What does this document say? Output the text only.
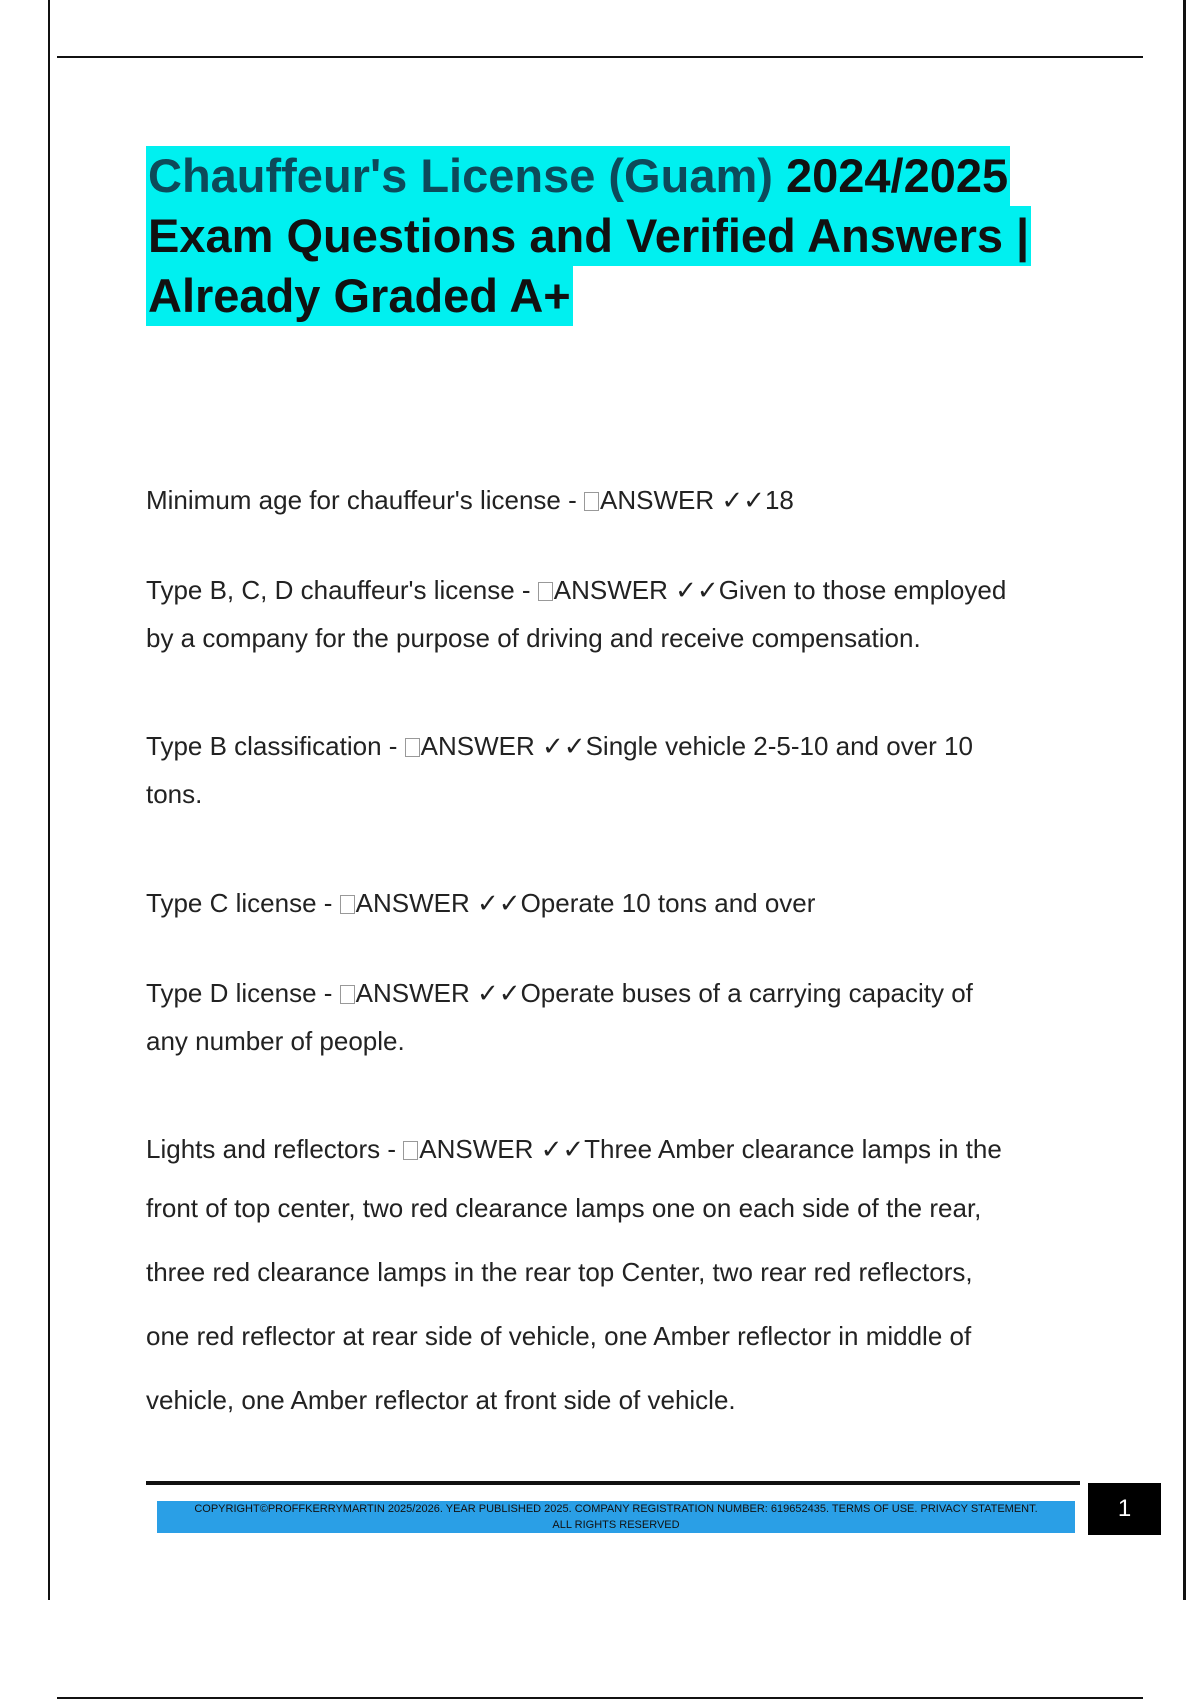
Chauffeur's License (Guam) 2024/2025
Exam Questions and Verified Answers |
Already Graded A+
Minimum age for chauffeur's license - ANSWER ✓✓18
Type B, C, D chauffeur's license - ANSWER ✓✓Given to those employed
by a company for the purpose of driving and receive compensation.
Type B classification - ANSWER ✓✓Single vehicle 2-5-10 and over 10
tons.
Type C license - ANSWER ✓✓Operate 10 tons and over
Type D license - ANSWER ✓✓Operate buses of a carrying capacity of
any number of people.
Lights and reflectors - ANSWER ✓✓Three Amber clearance lamps in the
front of top center, two red clearance lamps one on each side of the rear,
three red clearance lamps in the rear top Center, two rear red reflectors,
one red reflector at rear side of vehicle, one Amber reflector in middle of
vehicle, one Amber reflector at front side of vehicle.
COPYRIGHT©PROFFKERRYMARTIN 2025/2026. YEAR PUBLISHED 2025. COMPANY REGISTRATION NUMBER: 619652435. TERMS OF USE. PRIVACY STATEMENT.
ALL RIGHTS RESERVED
1
